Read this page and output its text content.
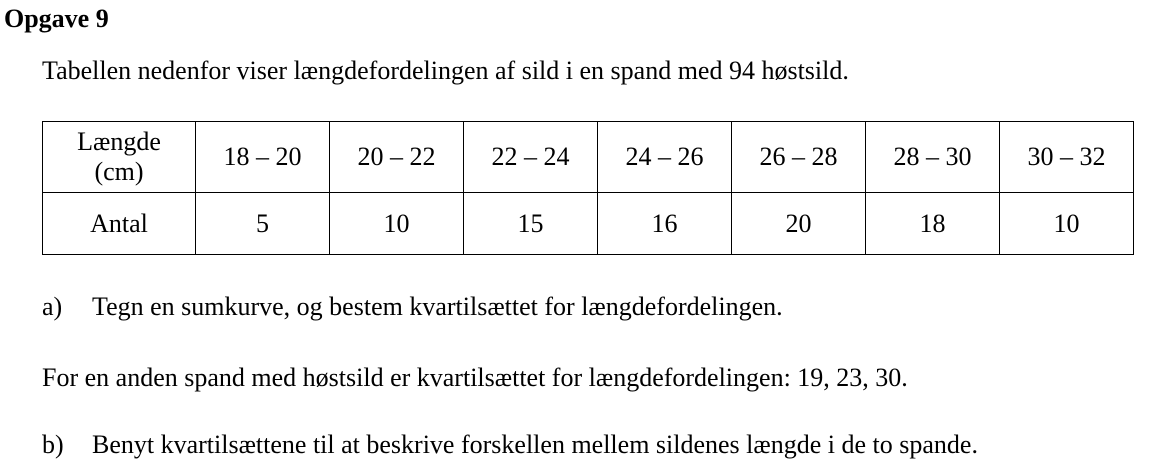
Opgave 9

Tabellen nedenfor viser længdefordelingen af sild i en spand med 94 høstsild.

Længde
(cm)	18 – 20	20 – 22	22 – 24	24 – 26	26 – 28	28 – 30	30 – 32
Antal	5	10	15	16	20	18	10

a) Tegn en sumkurve, og bestem kvartilsættet for længdefordelingen.

For en anden spand med høstsild er kvartilsættet for længdefordelingen: 19, 23, 30.

b) Benyt kvartilsættene til at beskrive forskellen mellem sildenes længde i de to spande.
